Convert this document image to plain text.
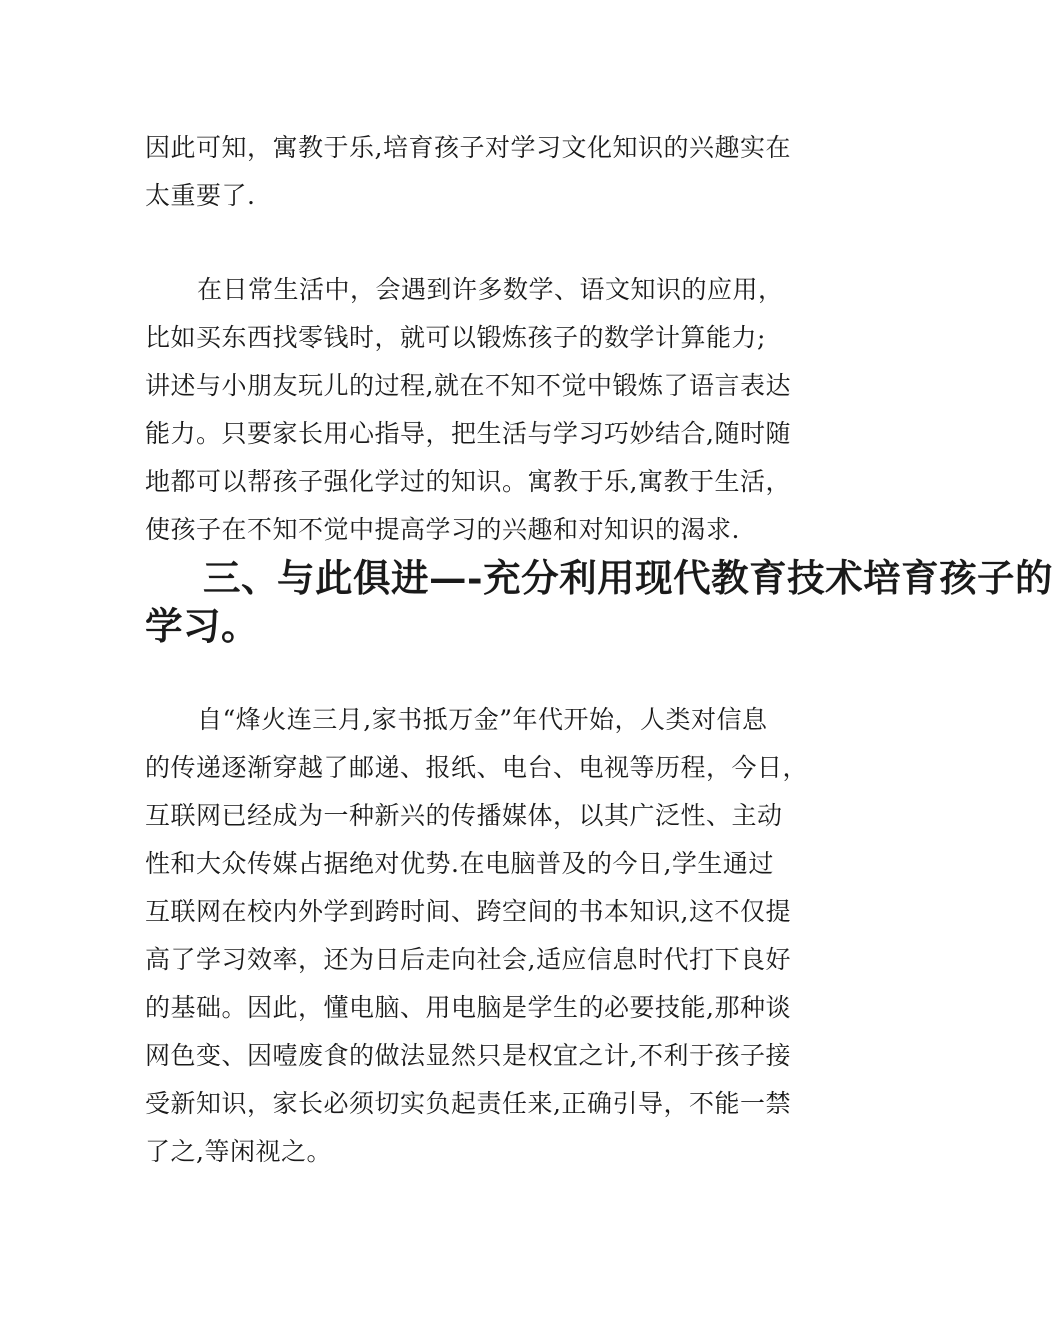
因此可知，寓教于乐,培育孩子对学习文化知识的兴趣实在
太重要了.

在日常生活中，会遇到许多数学、语文知识的应用，
比如买东西找零钱时，就可以锻炼孩子的数学计算能力;
讲述与小朋友玩儿的过程,就在不知不觉中锻炼了语言表达
能力。只要家长用心指导，把生活与学习巧妙结合,随时随
地都可以帮孩子强化学过的知识。寓教于乐,寓教于生活，
使孩子在不知不觉中提高学习的兴趣和对知识的渴求.

三、与此俱进—-充分利用现代教育技术培育孩子的
学习。

自“烽火连三月,家书抵万金”年代开始，人类对信息
的传递逐渐穿越了邮递、报纸、电台、电视等历程，今日，
互联网已经成为一种新兴的传播媒体，以其广泛性、主动
性和大众传媒占据绝对优势.在电脑普及的今日,学生通过
互联网在校内外学到跨时间、跨空间的书本知识,这不仅提
高了学习效率，还为日后走向社会,适应信息时代打下良好
的基础。因此，懂电脑、用电脑是学生的必要技能,那种谈
网色变、因噎废食的做法显然只是权宜之计,不利于孩子接
受新知识，家长必须切实负起责任来,正确引导，不能一禁
了之,等闲视之。
